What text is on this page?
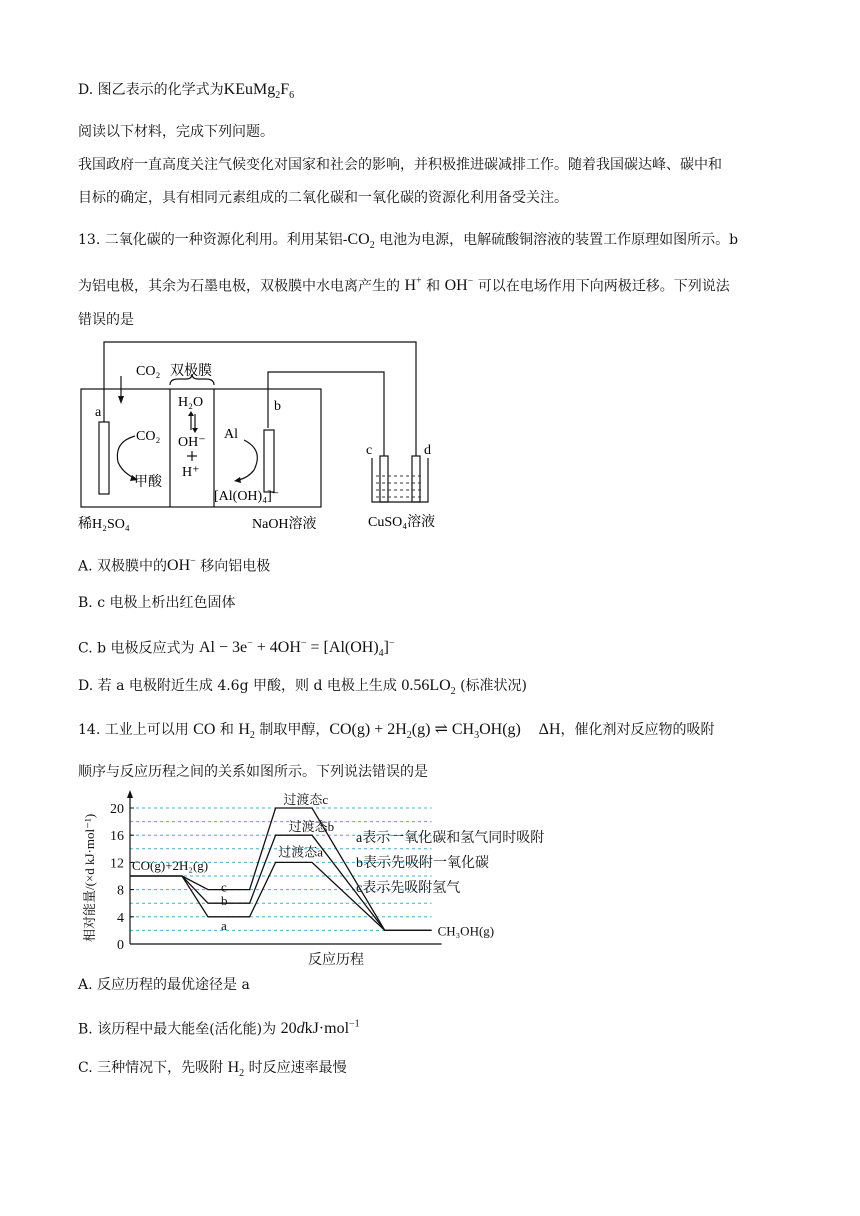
D. 图乙表示的化学式为$KEuMg_2F_6$
阅读以下材料，完成下列问题。
我国政府一直高度关注气候变化对国家和社会的影响，并积极推进碳减排工作。随着我国碳达峰、碳中和
目标的确定，具有相同元素组成的二氧化碳和一氧化碳的资源化利用备受关注。
13. 二氧化碳的一种资源化利用。利用某铝$-CO_2$ 电池为电源，电解硫酸铜溶液的装置工作原理如图所示。b
为铝电极，其余为石墨电极，双极膜中水电离产生的 H+ 和 OH− 可以在电场作用下向两极迁移。下列说法
错误的是
CO₂ 双极膜
a
CO₂
甲酸
H₂O
OH⁻
H⁺
Al
b
[Al(OH)₄]⁻
稀H₂SO₄	NaOH溶液
c	d
CuSO₄溶液
A. 双极膜中的OH− 移向铝电极
B. c 电极上析出红色固体
C. b 电极反应式为 $Al - 3e^- + 4OH^- = [Al(OH)_4]^-$
D. 若 a 电极附近生成 4.6g 甲酸，则 d 电极上生成 $0.56LO_2$ (标准状况)
14. 工业上可以用 CO 和 $H_2$ 制取甲醇，$CO(g) + 2H_2(g)$ ⇌ $CH_3OH(g)$ ΔH，催化剂对反应物的吸附
顺序与反应历程之间的关系如图所示。下列说法错误的是
0
4
8
12
16
20
相对能量/(×d kJ·mol⁻¹)
反应历程
CO(g)+2H₂(g)
CH₃OH(g)
过渡态a
过渡态b
过渡态c
a
b
c
a表示一氧化碳和氢气同时吸附
b表示先吸附一氧化碳
c表示先吸附氢气
A. 反应历程的最优途径是 a
B. 该历程中最大能垒(活化能)为 20dkJ·mol$^{-1}$
C. 三种情况下，先吸附 $H_2$ 时反应速率最慢
